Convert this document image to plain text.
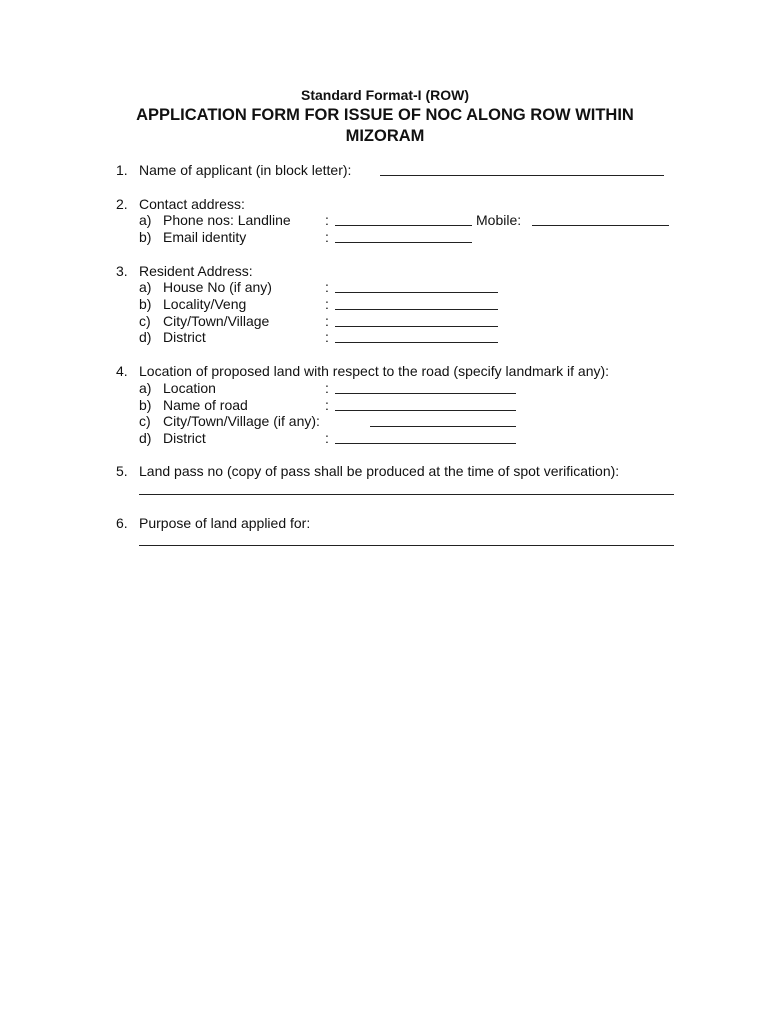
Standard Format-I (ROW)
APPLICATION FORM FOR ISSUE OF NOC ALONG ROW WITHIN
MIZORAM
1. Name of applicant (in block letter):
2. Contact address:
a) Phone nos: Landline :	Mobile:
b) Email identity	:
3. Resident Address:
a) House No (if any)	:
b) Locality/Veng	:
c) City/Town/Village	:
d) District	:
4. Location of proposed land with respect to the road (specify landmark if any):
a) Location	:
b) Name of road	:
c) City/Town/Village (if any):
d) District	:
5. Land pass no (copy of pass shall be produced at the time of spot verification):
6. Purpose of land applied for:
